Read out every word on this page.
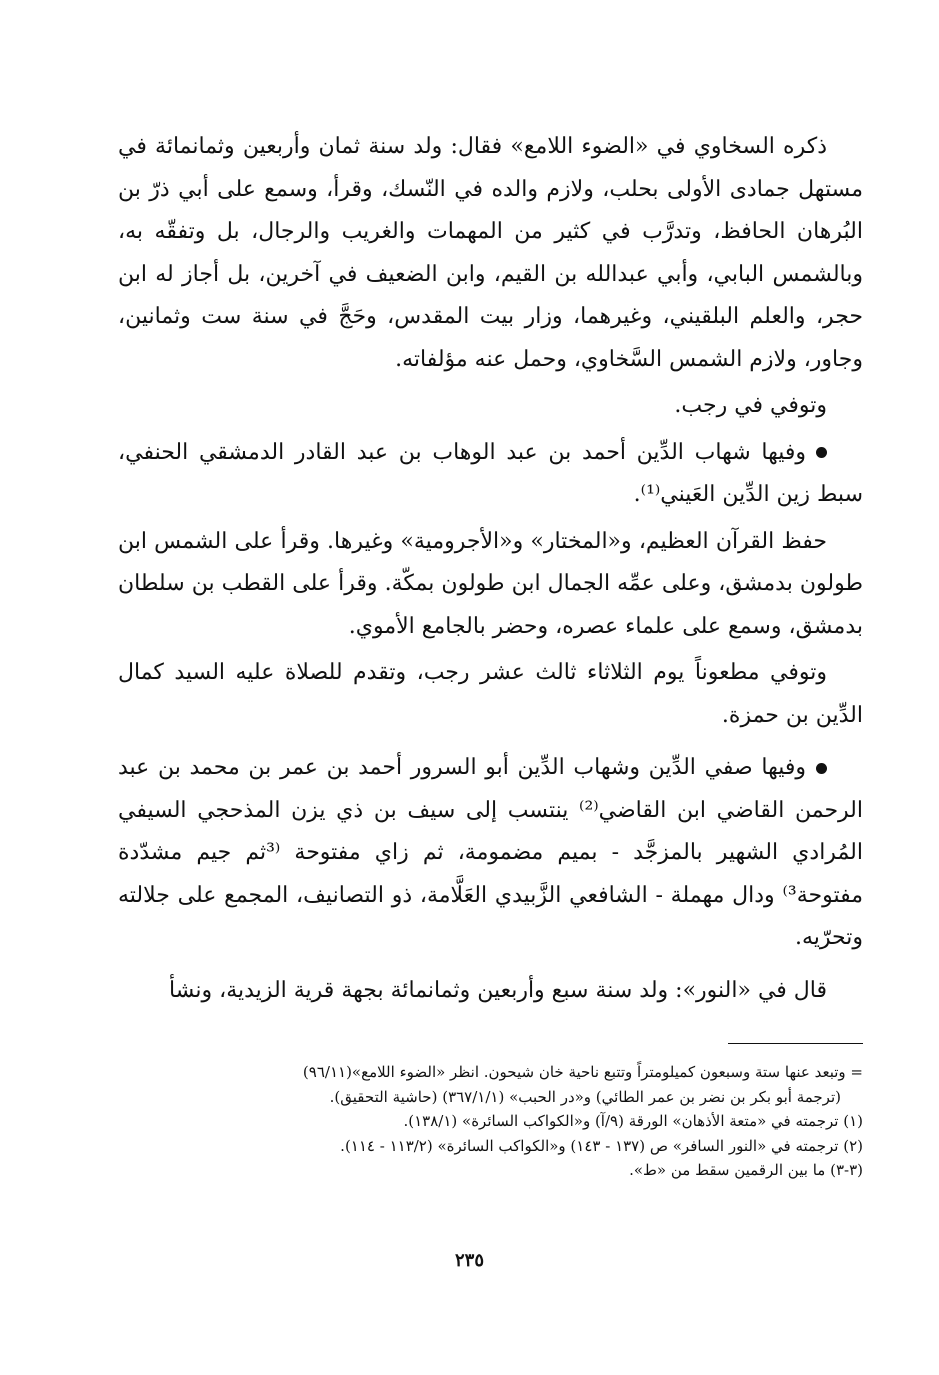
ذكره السخاوي في «الضوء اللامع» فقال: ولد سنة ثمان وأربعين وثمانمائة في مستهل جمادى الأولى بحلب، ولازم والده في النّسك، وقرأ، وسمع على أبي ذرّ بن البُرهان الحافظ، وتدرَّب في كثير من المهمات والغريب والرجال، بل وتفقّه به، وبالشمس البابي، وأبي عبدالله بن القيم، وابن الضعيف في آخرين، بل أجاز له ابن حجر، والعلم البلقيني، وغيرهما، وزار بيت المقدس، وحَجَّ في سنة ست وثمانين، وجاور، ولازم الشمس السَّخاوي، وحمل عنه مؤلفاته.

وتوفي في رجب.

وفيها شهاب الدِّين أحمد بن عبد الوهاب بن عبد القادر الدمشقي الحنفي، سبط زين الدِّين العَيني⁽¹⁾.

حفظ القرآن العظيم، و«المختار» و«الأجرومية» وغيرها. وقرأ على الشمس ابن طولون بدمشق، وعلى عمِّه الجمال ابن طولون بمكّة. وقرأ على القطب بن سلطان بدمشق، وسمع على علماء عصره، وحضر بالجامع الأموي.

وتوفي مطعوناً يوم الثلاثاء ثالث عشر رجب، وتقدم للصلاة عليه السيد كمال الدِّين بن حمزة.

وفيها صفي الدِّين وشهاب الدِّين أبو السرور أحمد بن عمر بن محمد بن عبد الرحمن القاضي ابن القاضي⁽²⁾ ينتسب إلى سيف بن ذي يزن المذحجي السيفي المُرادي الشهير بالمزجَّد - بميم مضمومة، ثم زاي مفتوحة ⁽³ثم جيم مشدّدة مفتوحة³⁾ ودال مهملة - الشافعي الزَّبيدي العَلَّامة، ذو التصانيف، المجمع على جلالته وتحرّيه.

قال في «النور»: ولد سنة سبع وأربعين وثمانمائة بجهة قرية الزيدية، ونشأ

= وتبعد عنها ستة وسبعون كميلومتراً وتتبع ناحية خان شيحون. انظر «الضوء اللامع»(٩٦/١١)

(ترجمة أبو بكر بن نضر بن عمر الطائي) و«در الحبب» (٣٦٧/١/١) (حاشية التحقيق).

(١) ترجمته في «متعة الأذهان» الورقة (٩/آ) و«الكواكب السائرة» (١٣٨/١).

(٢) ترجمته في «النور السافر» ص (١٣٧ - ١٤٣) و«الكواكب السائرة» (١١٣/٢ - ١١٤).

(٣-٣) ما بين الرقمين سقط من «ط».

٢٣٥
